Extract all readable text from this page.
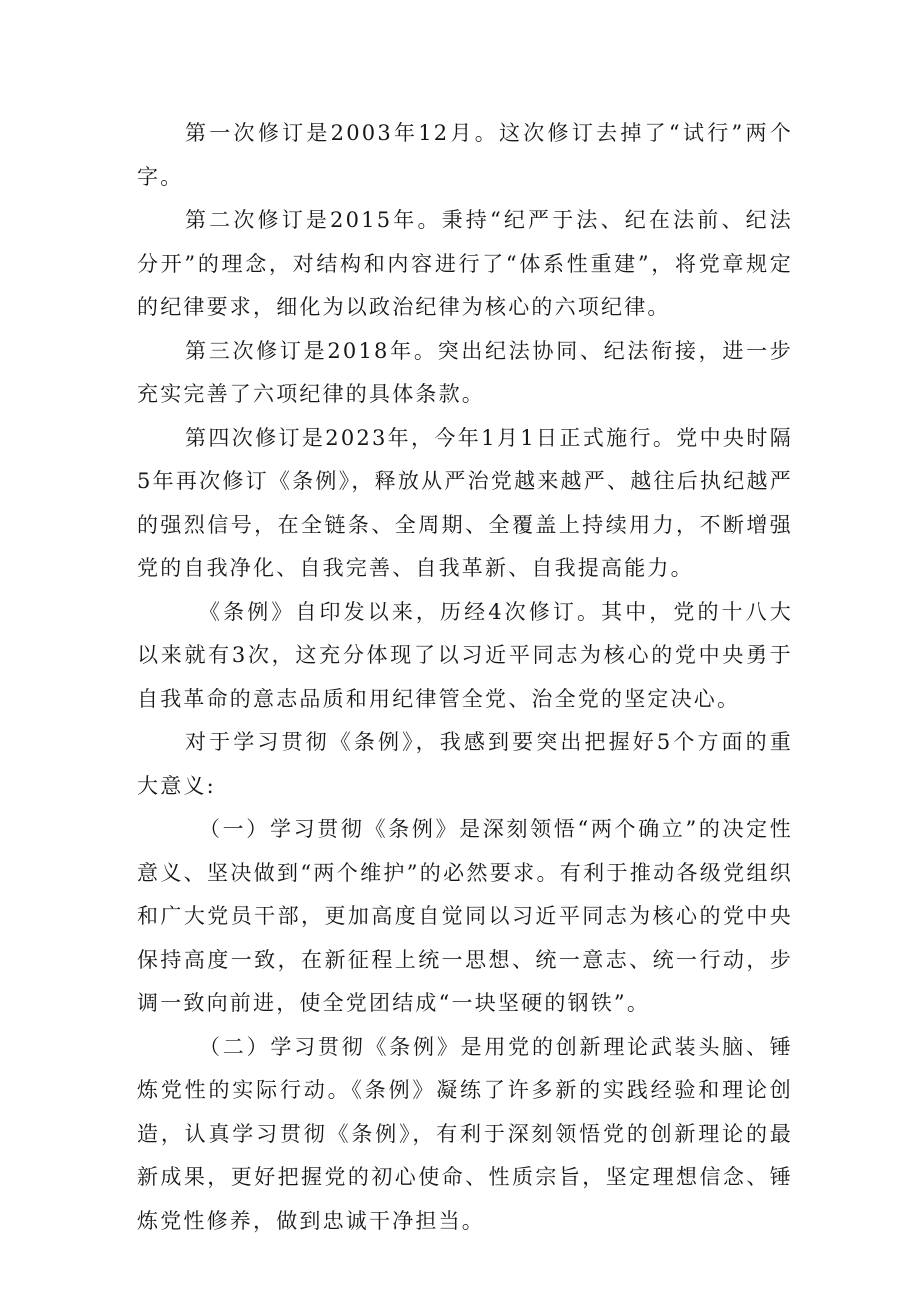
第一次修订是2003年12月。这次修订去掉了“试行”两个字。

第二次修订是2015年。秉持“纪严于法、纪在法前、纪法分开”的理念，对结构和内容进行了“体系性重建”，将党章规定的纪律要求，细化为以政治纪律为核心的六项纪律。

第三次修订是2018年。突出纪法协同、纪法衔接，进一步充实完善了六项纪律的具体条款。

第四次修订是2023年，今年1月1日正式施行。党中央时隔5年再次修订《条例》，释放从严治党越来越严、越往后执纪越严的强烈信号，在全链条、全周期、全覆盖上持续用力，不断增强党的自我净化、自我完善、自我革新、自我提高能力。

《条例》自印发以来，历经4次修订。其中，党的十八大以来就有3次，这充分体现了以习近平同志为核心的党中央勇于自我革命的意志品质和用纪律管全党、治全党的坚定决心。

对于学习贯彻《条例》，我感到要突出把握好5个方面的重大意义:

（一）学习贯彻《条例》是深刻领悟“两个确立”的决定性意义、坚决做到“两个维护”的必然要求。有利于推动各级党组织和广大党员干部，更加高度自觉同以习近平同志为核心的党中央保持高度一致，在新征程上统一思想、统一意志、统一行动，步调一致向前进，使全党团结成“一块坚硬的钢铁”。

（二）学习贯彻《条例》是用党的创新理论武装头脑、锤炼党性的实际行动。《条例》凝练了许多新的实践经验和理论创造，认真学习贯彻《条例》，有利于深刻领悟党的创新理论的最新成果，更好把握党的初心使命、性质宗旨，坚定理想信念、锤炼党性修养，做到忠诚干净担当。
